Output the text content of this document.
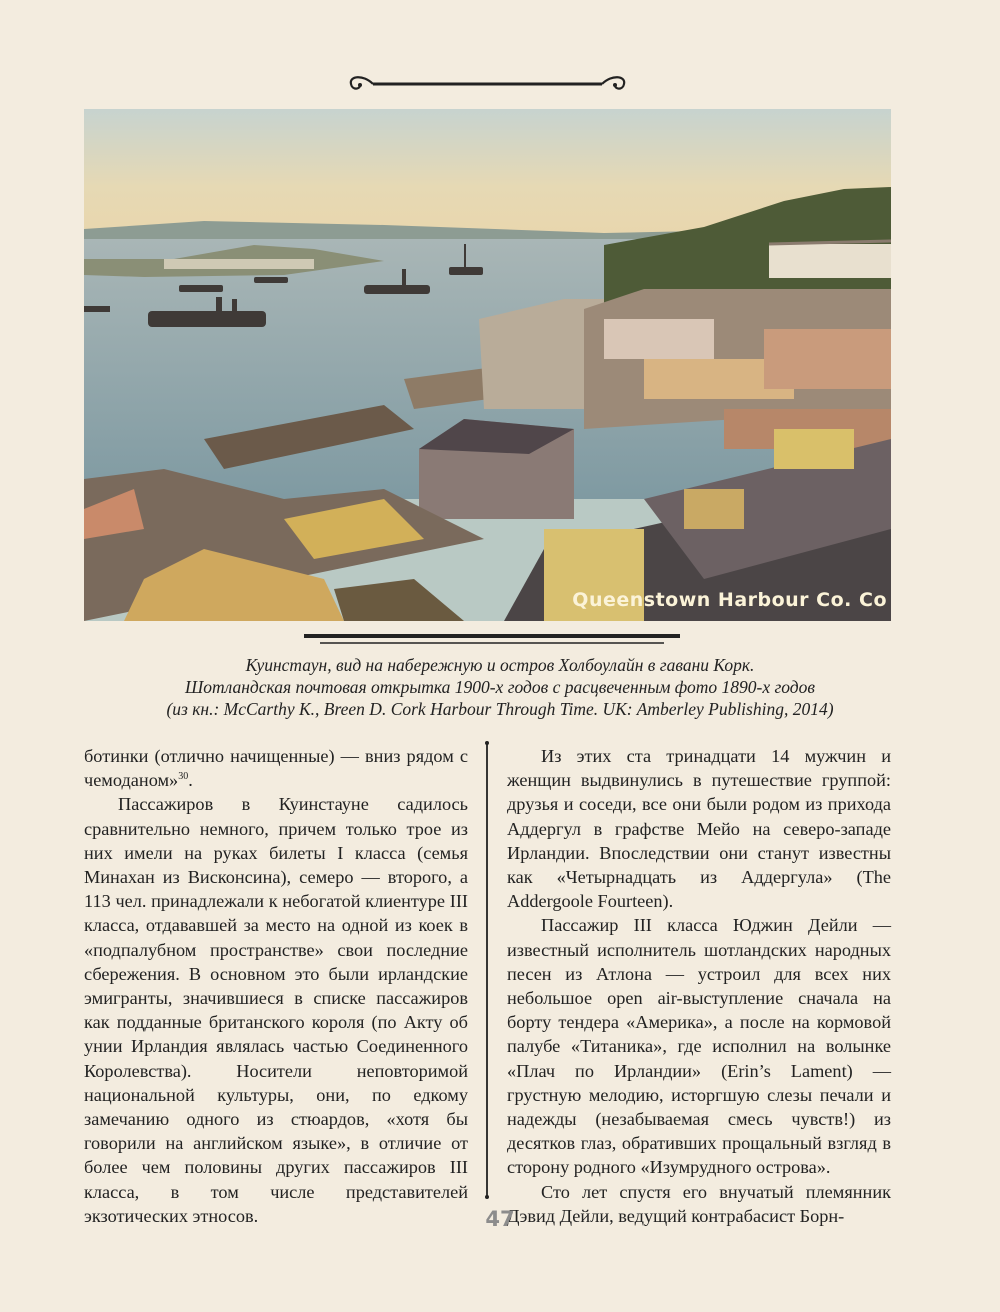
Queenstown Harbour Co. Co
Куинстаун, вид на набережную и остров Холбоулайн в гавани Корк.
Шотландская почтовая открытка 1900-х годов с расцвеченным фото 1890-х годов
(из кн.: McCarthy K., Breen D. Cork Harbour Through Time. UK: Amberley Publishing, 2014)

ботинки (отлично начищенные) — вниз рядом с чемоданом»$^{30}$.

Пассажиров в Куинстауне садилось сравнительно немного, причем только трое из них имели на руках билеты I класса (семья Минахан из Висконсина), семеро — второго, а 113 чел. принадлежали к небогатой клиентуре III класса, отдававшей за место на одной из коек в «подпалубном пространстве» свои последние сбережения. В основном это были ирландские эмигранты, значившиеся в списке пассажиров как подданные британского короля (по Акту об унии Ирландия являлась частью Соединенного Королевства). Носители неповторимой национальной культуры, они, по едкому замечанию одного из стюардов, «хотя бы говорили на английском языке», в отличие от более чем половины других пассажиров III класса, в том числе представителей экзотических этносов.

Из этих ста тринадцати 14 мужчин и женщин выдвинулись в путешествие группой: друзья и соседи, все они были родом из прихода Аддергул в графстве Мейо на северо-западе Ирландии. Впоследствии они станут известны как «Четырнадцать из Аддергула» (The Addergoole Fourteen).

Пассажир III класса Юджин Дейли — известный исполнитель шотландских народных песен из Атлона — устроил для всех них небольшое open air-выступление сначала на борту тендера «Америка», а после на кормовой палубе «Титаника», где исполнил на волынке «Плач по Ирландии» (Erin’s Lament) — грустную мелодию, исторгшую слезы печали и надежды (незабываемая смесь чувств!) из десятков глаз, обративших прощальный взгляд в сторону родного «Изумрудного острова».

Сто лет спустя его внучатый племянник Дэвид Дейли, ведущий контрабасист Борн-

47
